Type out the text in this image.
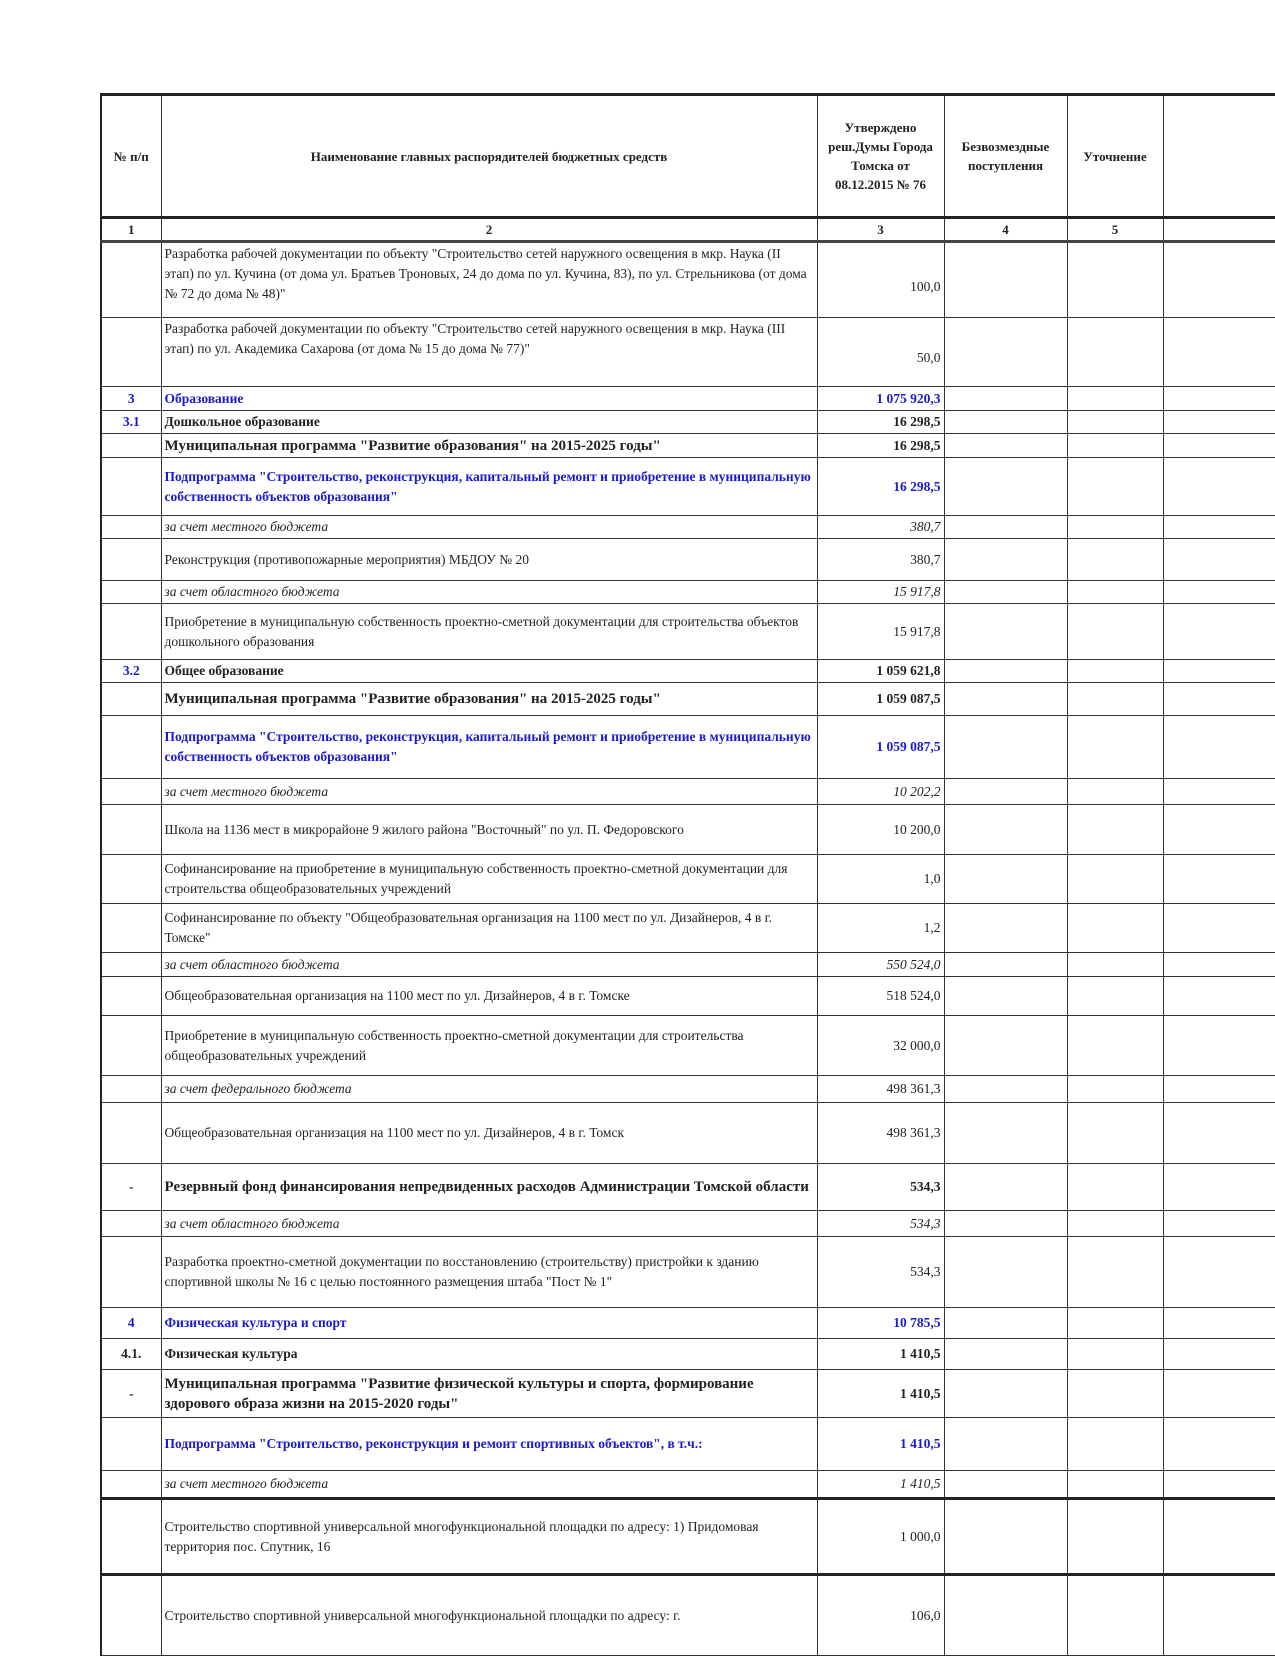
№ п/п	Наименование главных распорядителей бюджетных средств	Утверждено реш.Думы Города Томска от 08.12.2015 № 76	Безвозмездные поступления	Уточнение	
1	2	3	4	5	
	Разработка рабочей документации по объекту "Строительство сетей наружного освещения в мкр. Наука (II этап) по ул. Кучина (от дома ул. Братьев Троновых, 24 до дома по ул. Кучина, 83), по ул. Стрельникова (от дома № 72 до дома № 48)"	100,0			
	Разработка рабочей документации по объекту "Строительство сетей наружного освещения в мкр. Наука (III этап) по ул. Академика Сахарова (от дома № 15 до дома № 77)"	50,0			
3	Образование	1 075 920,3			
3.1	Дошкольное образование	16 298,5			
	Муниципальная программа "Развитие образования" на 2015-2025 годы"	16 298,5			
	Подпрограмма "Строительство, реконструкция, капитальный ремонт и приобретение в муниципальную собственность объектов образования"	16 298,5			
	за счет местного бюджета	380,7			
	Реконструкция (противопожарные мероприятия) МБДОУ № 20	380,7			
	за счет областного бюджета	15 917,8			
	Приобретение в муниципальную собственность проектно-сметной документации для строительства объектов дошкольного образования	15 917,8			
3.2	Общее образование	1 059 621,8			
	Муниципальная программа "Развитие образования" на 2015-2025 годы"	1 059 087,5			
	Подпрограмма "Строительство, реконструкция, капитальный ремонт и приобретение в муниципальную собственность объектов образования"	1 059 087,5			
	за счет местного бюджета	10 202,2			
	Школа на 1136 мест в микрорайоне 9 жилого района "Восточный" по ул. П. Федоровского	10 200,0			
	Софинансирование на приобретение в муниципальную собственность проектно-сметной документации для строительства общеобразовательных учреждений	1,0			
	Софинансирование по объекту "Общеобразовательная организация на 1100 мест по ул. Дизайнеров, 4 в г. Томске"	1,2			
	за счет областного бюджета	550 524,0			
	Общеобразовательная организация на 1100 мест по ул. Дизайнеров, 4 в г. Томске	518 524,0			
	Приобретение в муниципальную собственность проектно-сметной документации для строительства общеобразовательных учреждений	32 000,0			
	за счет федерального бюджета	498 361,3			
	Общеобразовательная организация на 1100 мест по ул. Дизайнеров, 4 в г. Томск	498 361,3			
-	Резервный фонд финансирования непредвиденных расходов Администрации Томской области	534,3			
	за счет областного бюджета	534,3			
	Разработка проектно-сметной документации по восстановлению (строительству) пристройки к зданию спортивной школы № 16 с целью постоянного размещения штаба "Пост № 1"	534,3			
4	Физическая культура и спорт	10 785,5			
4.1.	Физическая культура	1 410,5			
-	Муниципальная программа "Развитие физической культуры и спорта, формирование здорового образа жизни на 2015-2020 годы"	1 410,5			
	Подпрограмма "Строительство, реконструкция и ремонт спортивных объектов", в т.ч.:	1 410,5			
	за счет местного бюджета	1 410,5			
	Строительство спортивной универсальной многофункциональной площадки по адресу: 1) Придомовая территория пос. Спутник, 16	1 000,0			
	Строительство спортивной универсальной многофункциональной площадки по адресу: г.	106,0			
